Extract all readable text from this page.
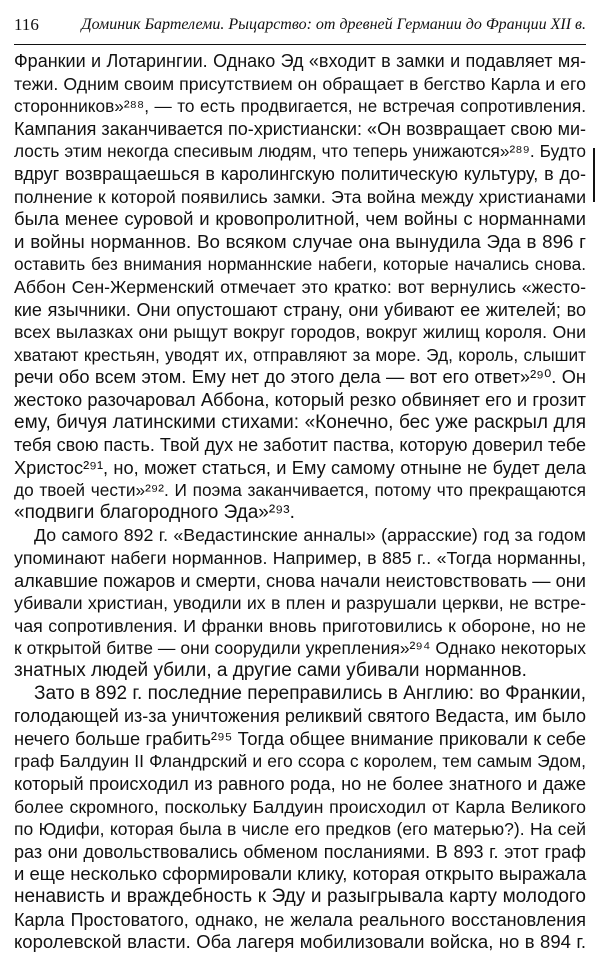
116	Доминик Бартелеми. Рыцарство: от древней Германии до Франции XII в.
Франкии и Лотарингии. Однако Эд «входит в замки и подавляет мя-
тежи. Одним своим присутствием он обращает в бегство Карла и его
сторонников»²⁸⁸, — то есть продвигается, не встречая сопротивления.
Кампания заканчивается по-христиански: «Он возвращает свою ми-
лость этим некогда спесивым людям, что теперь унижаются»²⁸⁹. Будто
вдруг возвращаешься в каролингскую политическую культуру, в до-
полнение к которой появились замки. Эта война между христианами
была менее суровой и кровопролитной, чем войны с норманнами
и войны норманнов. Во всяком случае она вынудила Эда в 896 г
оставить без внимания норманнские набеги, которые начались снова.
Аббон Сен-Жерменский отмечает это кратко: вот вернулись «жесто-
кие язычники. Они опустошают страну, они убивают ее жителей; во
всех вылазках они рыщут вокруг городов, вокруг жилищ короля. Они
хватают крестьян, уводят их, отправляют за море. Эд, король, слышит
речи обо всем этом. Ему нет до этого дела — вот его ответ»²⁹⁰. Он
жестоко разочаровал Аббона, который резко обвиняет его и грозит
ему, бичуя латинскими стихами: «Конечно, бес уже раскрыл для
тебя свою пасть. Твой дух не заботит паства, которую доверил тебе
Христос²⁹¹, но, может статься, и Ему самому отныне не будет дела
до твоей чести»²⁹². И поэма заканчивается, потому что прекращаются
«подвиги благородного Эда»²⁹³.
До самого 892 г. «Ведастинские анналы» (аррасские) год за годом
упоминают набеги норманнов. Например, в 885 г.. «Тогда норманны,
алкавшие пожаров и смерти, снова начали неистовствовать — они
убивали христиан, уводили их в плен и разрушали церкви, не встре-
чая сопротивления. И франки вновь приготовились к обороне, но не
к открытой битве — они соорудили укрепления»²⁹⁴ Однако некоторых
знатных людей убили, а другие сами убивали норманнов.
Зато в 892 г. последние переправились в Англию: во Франкии,
голодающей из-за уничтожения реликвий святого Ведаста, им было
нечего больше грабить²⁹⁵ Тогда общее внимание приковали к себе
граф Балдуин II Фландрский и его ссора с королем, тем самым Эдом,
который происходил из равного рода, но не более знатного и даже
более скромного, поскольку Балдуин происходил от Карла Великого
по Юдифи, которая была в числе его предков (его матерью?). На сей
раз они довольствовались обменом посланиями. В 893 г. этот граф
и еще несколько сформировали клику, которая открыто выражала
ненависть и враждебность к Эду и разыгрывала карту молодого
Карла Простоватого, однако, не желала реального восстановления
королевской власти. Оба лагеря мобилизовали войска, но в 894 г.
